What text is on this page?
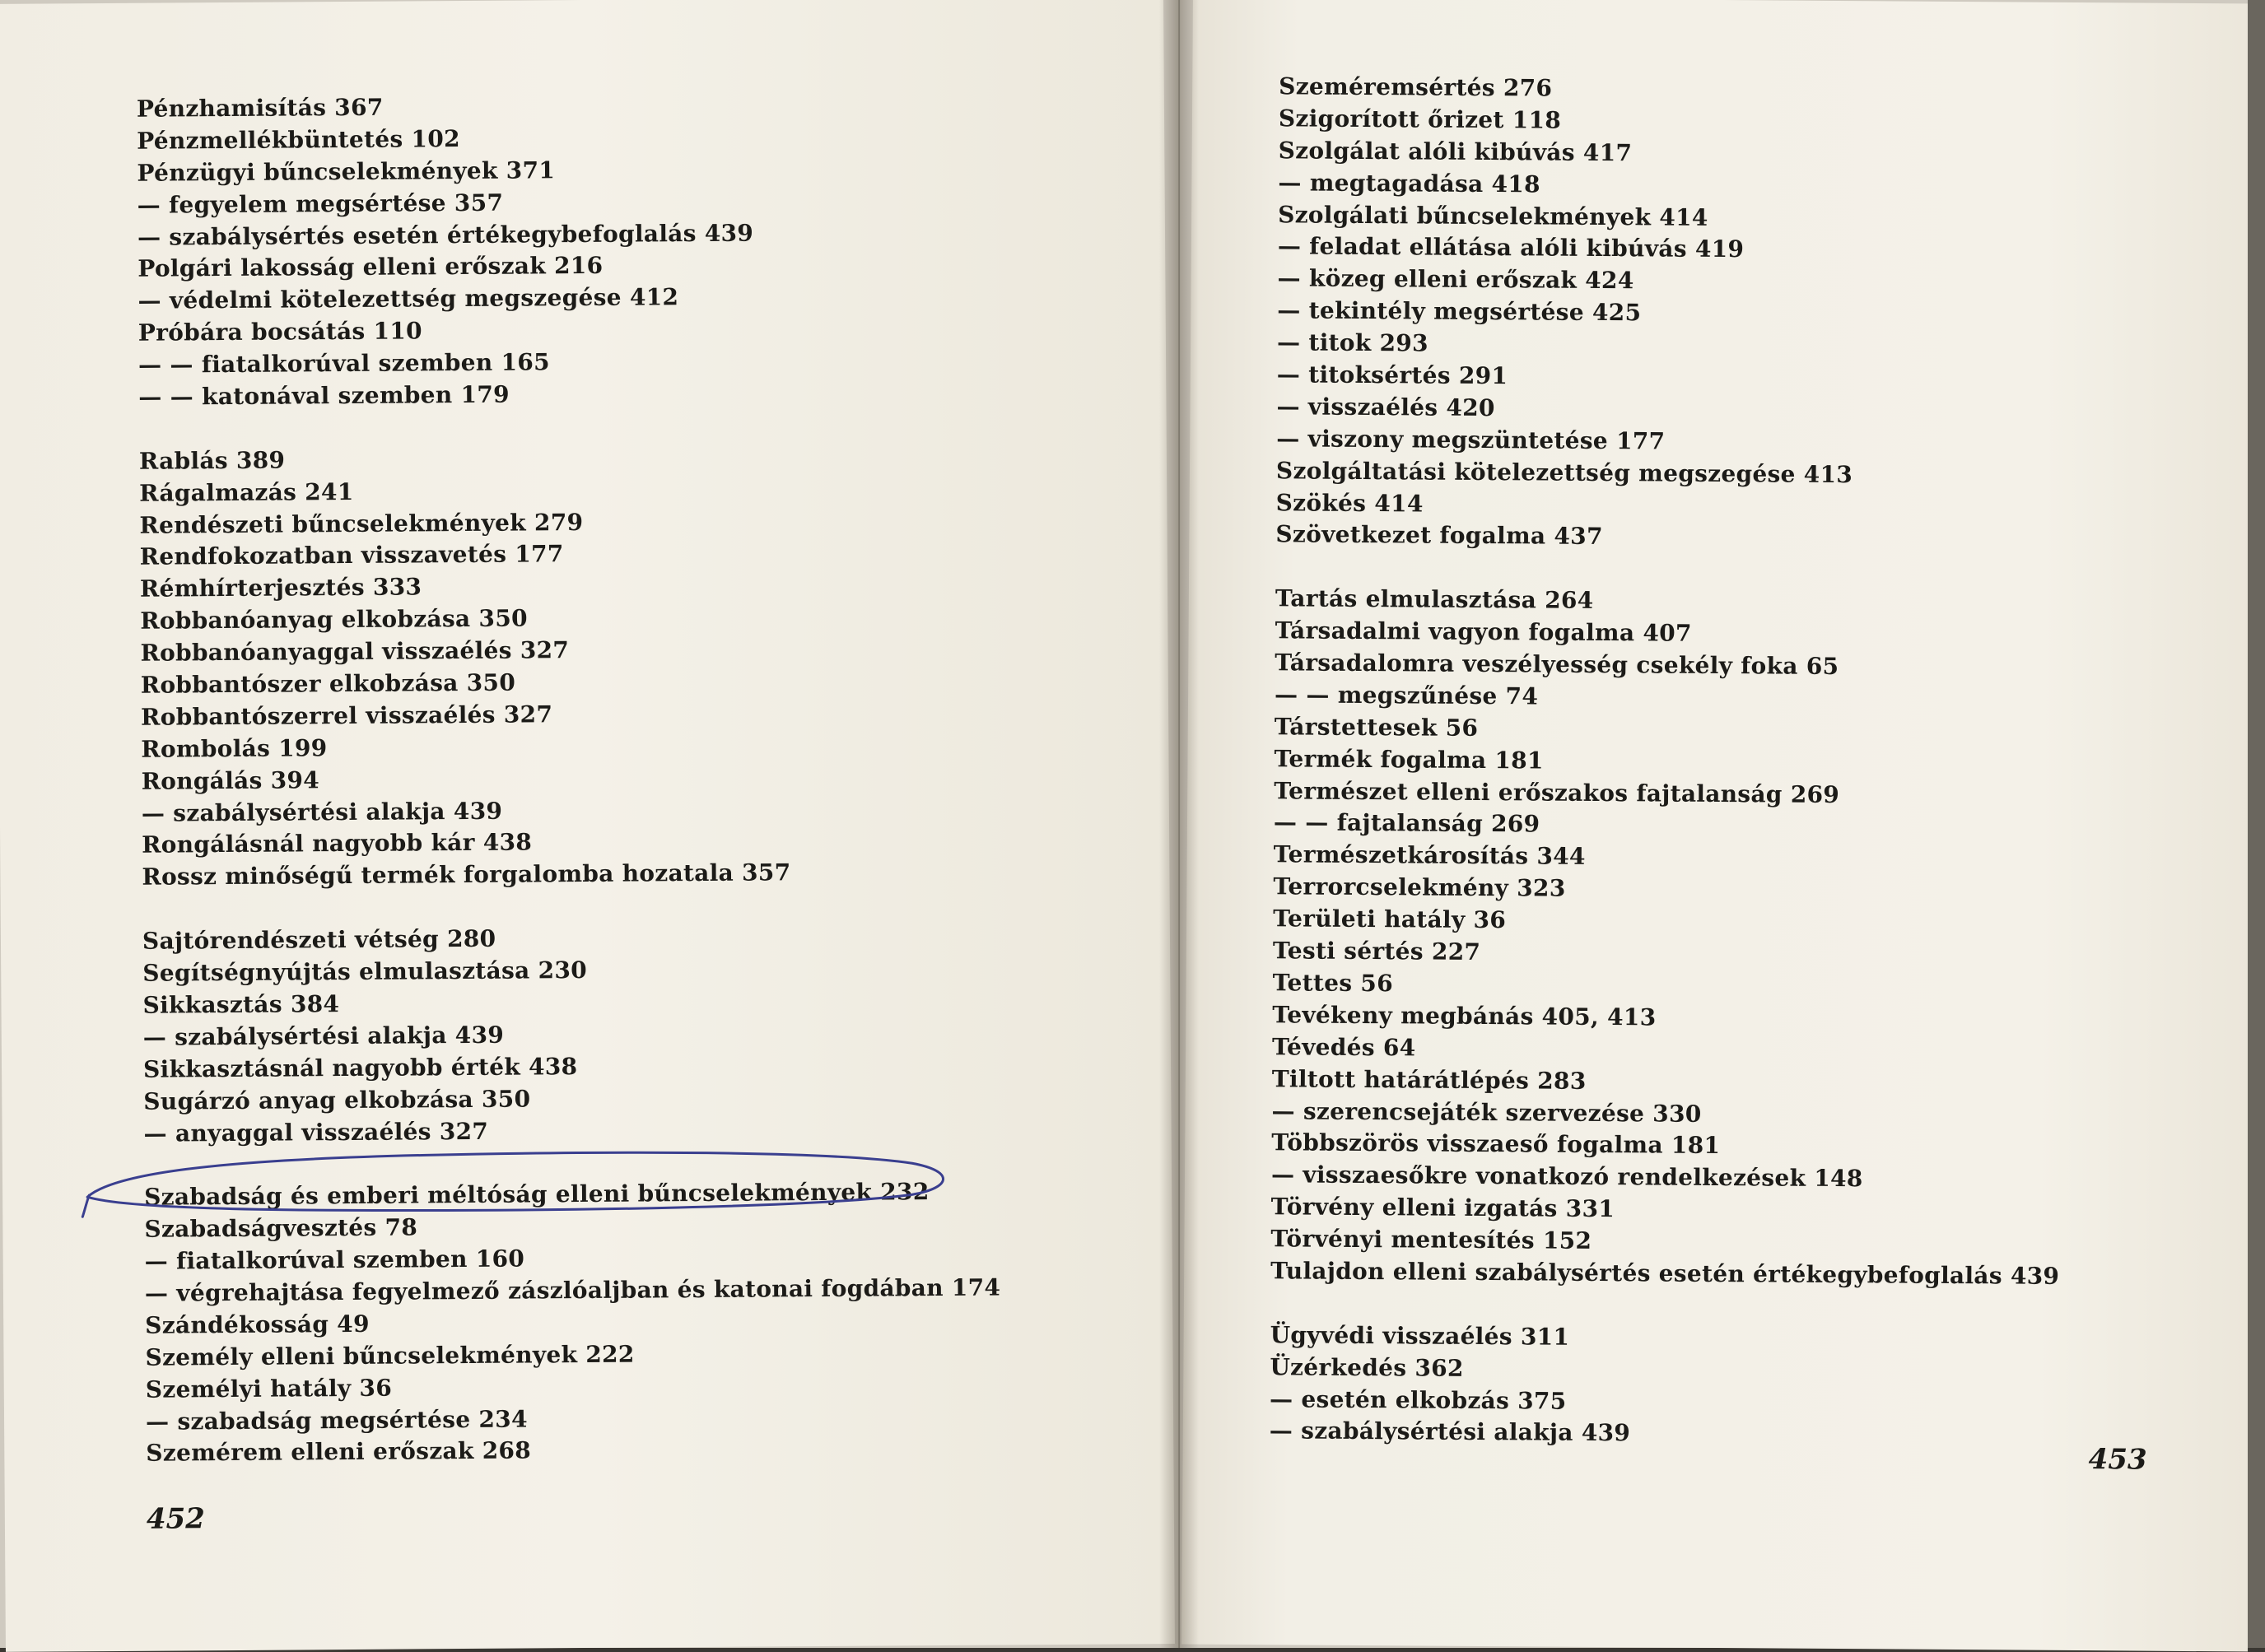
Pénzhamisítás 367
Pénzmellékbüntetés 102
Pénzügyi bűncselekmények 371
— fegyelem megsértése 357
— szabálysértés esetén értékegybefoglalás 439
Polgári lakosság elleni erőszak 216
— védelmi kötelezettség megszegése 412
Próbára bocsátás 110
— — fiatalkorúval szemben 165
— — katonával szemben 179
Rablás 389
Rágalmazás 241
Rendészeti bűncselekmények 279
Rendfokozatban visszavetés 177
Rémhírterjesztés 333
Robbanóanyag elkobzása 350
Robbanóanyaggal visszaélés 327
Robbantószer elkobzása 350
Robbantószerrel visszaélés 327
Rombolás 199
Rongálás 394
— szabálysértési alakja 439
Rongálásnál nagyobb kár 438
Rossz minőségű termék forgalomba hozatala 357
Sajtórendészeti vétség 280
Segítségnyújtás elmulasztása 230
Sikkasztás 384
— szabálysértési alakja 439
Sikkasztásnál nagyobb érték 438
Sugárzó anyag elkobzása 350
— anyaggal visszaélés 327
Szabadság és emberi méltóság elleni bűncselekmények 232
Szabadságvesztés 78
— fiatalkorúval szemben 160
— végrehajtása fegyelmező zászlóaljban és katonai fogdában 174
Szándékosság 49
Személy elleni bűncselekmények 222
Személyi hatály 36
— szabadság megsértése 234
Szemérem elleni erőszak 268
452
Szeméremsértés 276
Szigorított őrizet 118
Szolgálat alóli kibúvás 417
— megtagadása 418
Szolgálati bűncselekmények 414
— feladat ellátása alóli kibúvás 419
— közeg elleni erőszak 424
— tekintély megsértése 425
— titok 293
— titoksértés 291
— visszaélés 420
— viszony megszüntetése 177
Szolgáltatási kötelezettség megszegése 413
Szökés 414
Szövetkezet fogalma 437
Tartás elmulasztása 264
Társadalmi vagyon fogalma 407
Társadalomra veszélyesség csekély foka 65
— — megszűnése 74
Társtettesek 56
Termék fogalma 181
Természet elleni erőszakos fajtalanság 269
— — fajtalanság 269
Természetkárosítás 344
Terrorcselekmény 323
Területi hatály 36
Testi sértés 227
Tettes 56
Tevékeny megbánás 405, 413
Tévedés 64
Tiltott határátlépés 283
— szerencsejáték szervezése 330
Többszörös visszaeső fogalma 181
— visszaesőkre vonatkozó rendelkezések 148
Törvény elleni izgatás 331
Törvényi mentesítés 152
Tulajdon elleni szabálysértés esetén értékegybefoglalás 439
Ügyvédi visszaélés 311
Üzérkedés 362
— esetén elkobzás 375
— szabálysértési alakja 439
453
